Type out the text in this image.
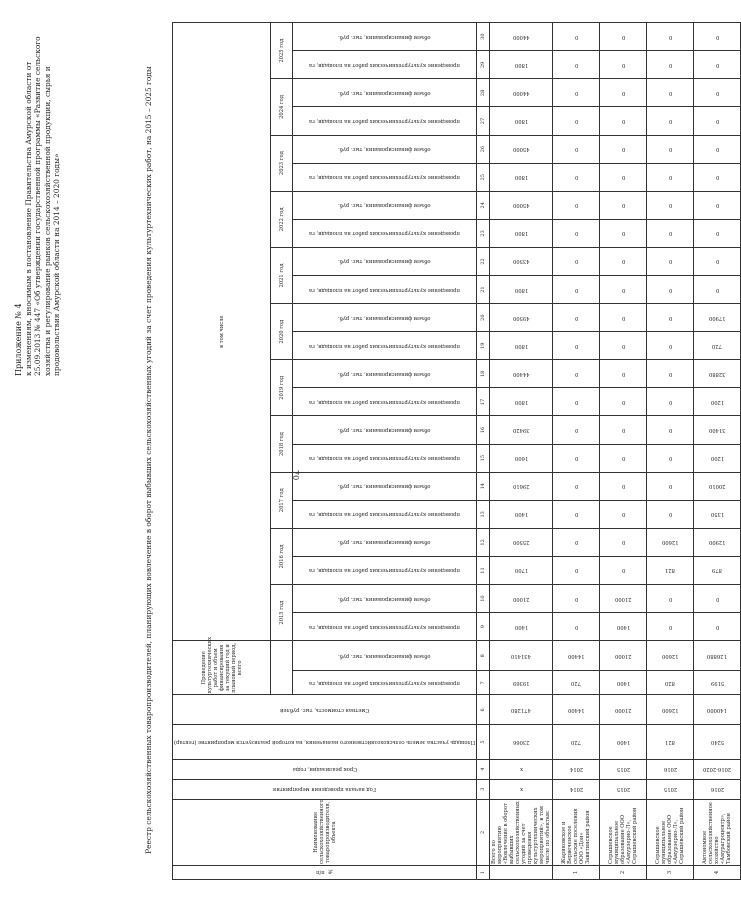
70
Приложение № 4 к изменениям, вносимым в постановление Правительства Амурской области от 25.09.2013 № 447 «Об утверждении государственной программы «Развитие сельского хозяйства и регулирование рынков сельскохозяйственной продукции, сырья и продовольствия Амурской области на 2014 – 2020 годы»	Реестр сельскохозяйственных товаропроизводителей, планирующих вовлечение в оборот выбывших сельскохозяйственных угодий за счет проведения культуртехнических работ, на 2015 – 2025 годы
№ п/п	Наименование сельскохозяйственного товаропроизводителя, объекта	Год начала проведения мероприятия	Срок реализации, годы	Площадь участка земель сельскохозяйственного назначения, на которой реализуется мероприятие (гектар)	Сметная стоимость, тыс. рублей	Проведение культуртехнических работ и объем финансирования за текущий год и плановый период, всего		в том числе																					
								2015 год		2016 год		2017 год		2018 год		2019 год		2020 год		2021 год		2022 год		2023 год		2024 год		2025 год	

						проведение культуртехнических работ на площади, га	объем финансирования, тыс. руб.	проведение культуртехнических работ на площади, га	объем финансирования, тыс. руб.	проведение культуртехнических работ на площади, га	объем финансирования, тыс. руб.	проведение культуртехнических работ на площади, га	объем финансирования, тыс. руб.	проведение культуртехнических работ на площади, га	объем финансирования, тыс. руб.	проведение культуртехнических работ на площади, га	объем финансирования, тыс. руб.	проведение культуртехнических работ на площади, га	объем финансирования, тыс. руб.	проведение культуртехнических работ на площади, га	объем финансирования, тыс. руб.	проведение культуртехнических работ на площади, га	объем финансирования, тыс. руб.	проведение культуртехнических работ на площади, га	объем финансирования, тыс. руб.	проведение культуртехнических работ на площади, га	объем финансирования, тыс. руб.	проведение культуртехнических работ на площади, га	объем финансирования, тыс. руб.

1	2	3	4	5	6	7	8	9	10	11	12	13	14	15	16	17	18	19	20	21	22	23	24	25	26	27	28	29	30
	Всего по мероприятию «Вовлечение в оборот выбывших сельскохозяйственных угодий за счет проведения культуртехнических мероприятий», в том числе по объектам:	x	x	23066	471280	19369	431410	1400	21000	1700	25500	1400	29610	1600	39420	1800	44400	1800	49500	1800	43500	1800	45000	1800	45000	1800	44000	1800	44000

1	Жариковское и Вервеченское сельские поселения ООО «Дон» Завитинский район	2014	2014	720	14400	720	14400	0	0	0	0	0	0	0	0	0	0	0	0	0	0	0	0	0	0	0	0	0	0

2	Серышевское муниципальное образование ООО «Амурзерно-Л», Серышевский район	2015	2015	1400	21000	1400	21000	1400	21000	0	0	0	0	0	0	0	0	0	0	0	0	0	0	0	0	0	0	0	0

3	Серышевское муниципальное образование ООО «Амурзерно-Л», Серышевский район	2015	2016	821	12600	820	12600	0	0	821	12600	0	0	0	0	0	0	0	0	0	0	0	0	0	0	0	0	0	0

4	Автономное сельскохозяйственное хозяйство «Амурагроцентр», Тамбовский район	2016	2016-2020	5240	140000	5199	126880	0	0	879	12900	1350	20010	1200	31400	1200	32880	720	17900	0	0	0	0	0	0	0	0	0	0
